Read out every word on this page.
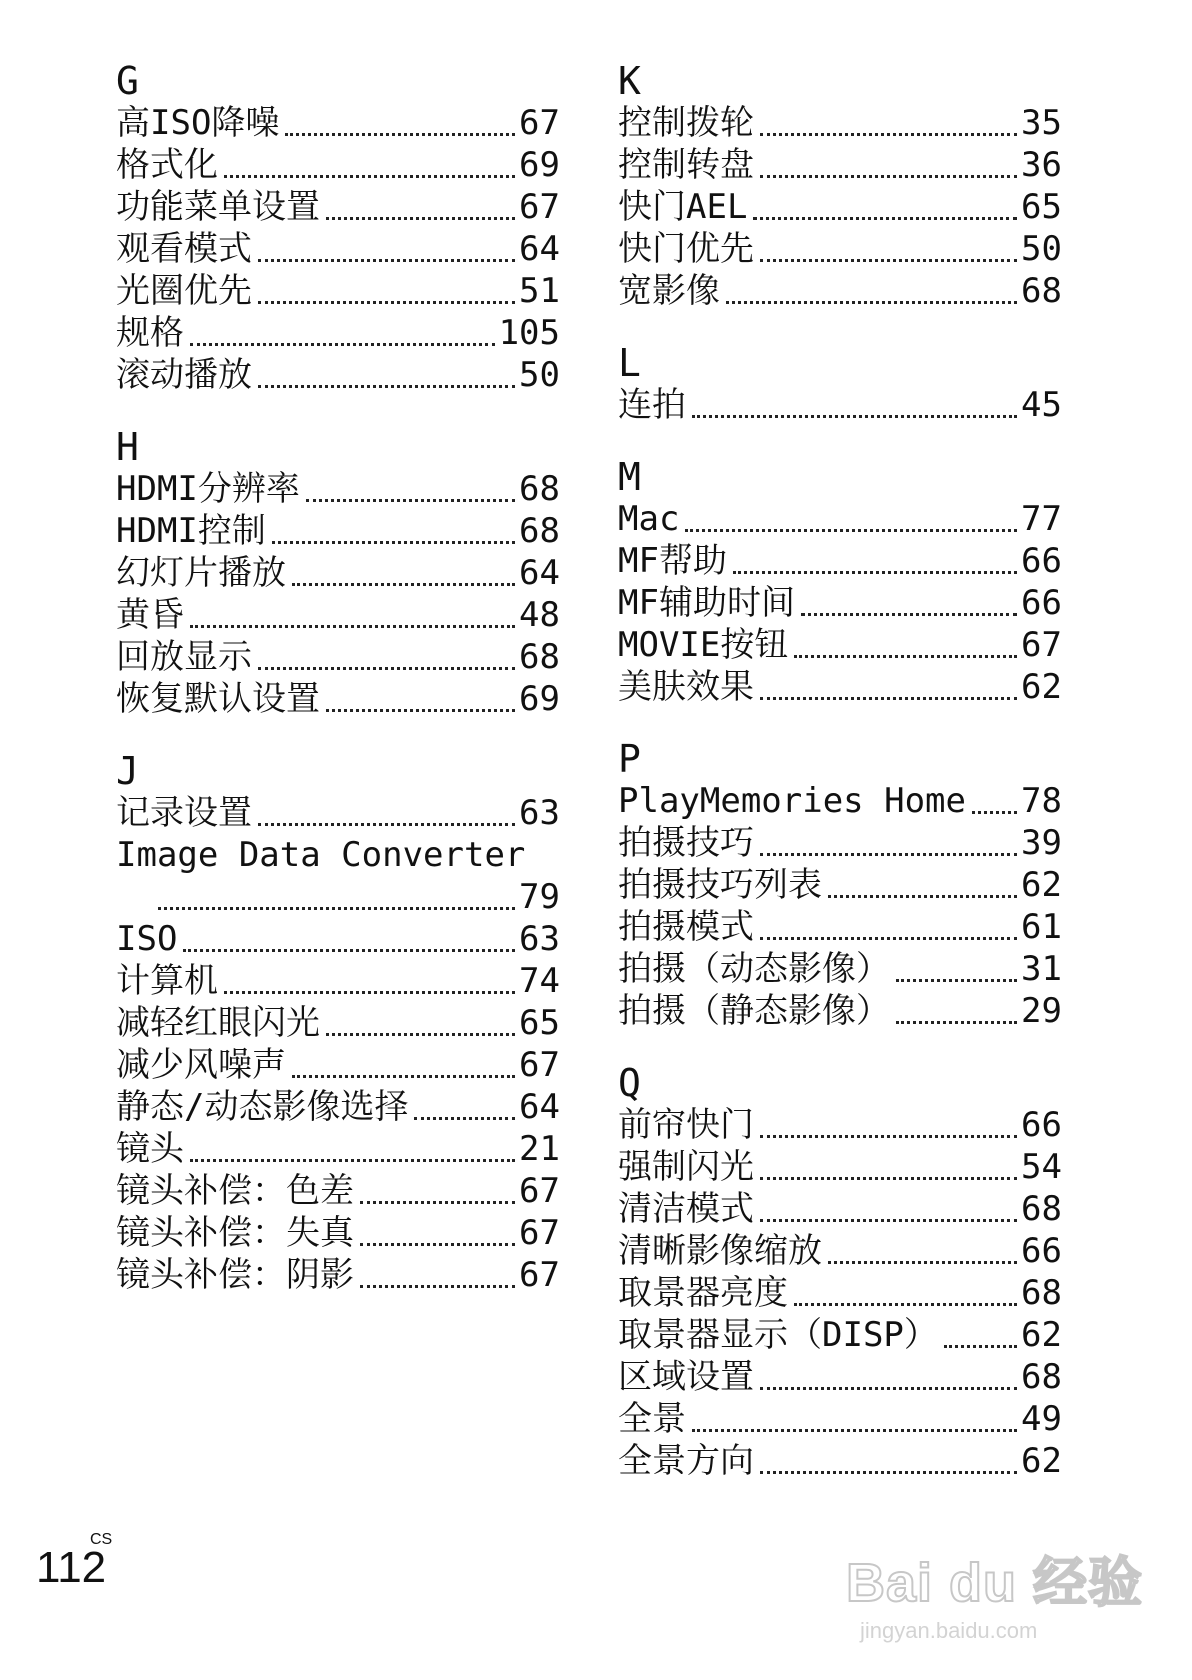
G
高ISO降噪	67
格式化	69
功能菜单设置	67
观看模式	64
光圈优先	51
规格	105
滚动播放	50
H
HDMI分辨率	68
HDMI控制	68
幻灯片播放	64
黄昏	48
回放显示	68
恢复默认设置	69
J
记录设置	63
Image Data Converter
79
ISO	63
计算机	74
减轻红眼闪光	65
减少风噪声	67
静态/动态影像选择	64
镜头	21
镜头补偿：色差	67
镜头补偿：失真	67
镜头补偿：阴影	67
K
控制拨轮	35
控制转盘	36
快门AEL	65
快门优先	50
宽影像	68
L
连拍	45
M
Mac	77
MF帮助	66
MF辅助时间	66
MOVIE按钮	67
美肤效果	62
P
PlayMemories Home 78
拍摄技巧	39
拍摄技巧列表	62
拍摄模式	61
拍摄（动态影像）	31
拍摄（静态影像）	29
Q
前帘快门	66
强制闪光	54
清洁模式	68
清晰影像缩放	66
取景器亮度	68
取景器显示（DISP） 62
区域设置	68
全景	49
全景方向	62
CS
112	Bai du 经验
jingyan.baidu.com
